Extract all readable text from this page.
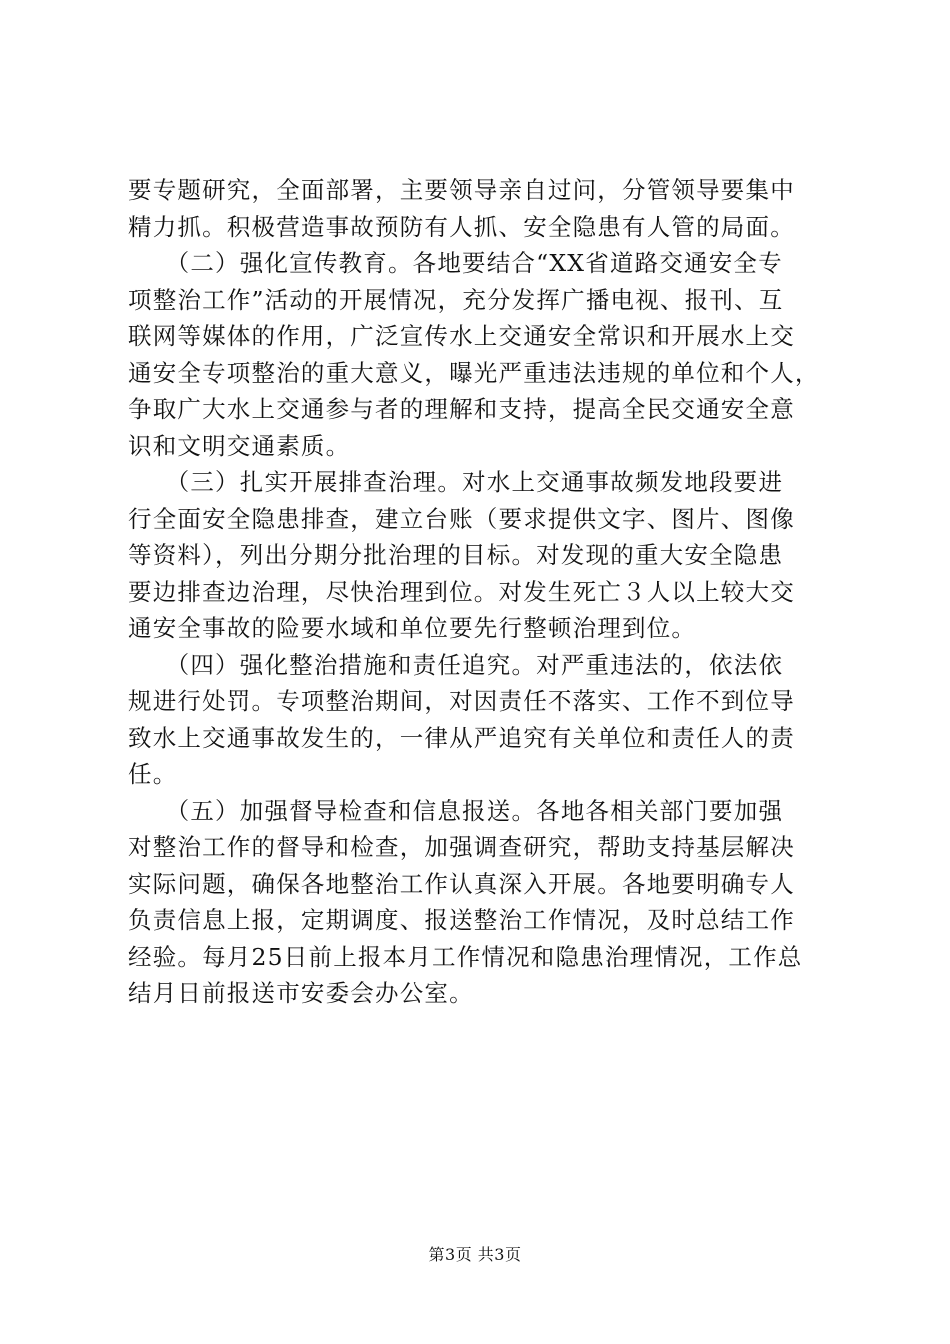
要专题研究，全面部署，主要领导亲自过问，分管领导要集中
精力抓。积极营造事故预防有人抓、安全隐患有人管的局面。
　　（二）强化宣传教育。各地要结合“XX省道路交通安全专
项整治工作”活动的开展情况，充分发挥广播电视、报刊、互
联网等媒体的作用，广泛宣传水上交通安全常识和开展水上交
通安全专项整治的重大意义，曝光严重违法违规的单位和个人，
争取广大水上交通参与者的理解和支持，提高全民交通安全意
识和文明交通素质。
　　（三）扎实开展排查治理。对水上交通事故频发地段要进
行全面安全隐患排查，建立台账（要求提供文字、图片、图像
等资料），列出分期分批治理的目标。对发现的重大安全隐患
要边排查边治理，尽快治理到位。对发生死亡３人以上较大交
通安全事故的险要水域和单位要先行整顿治理到位。
　　（四）强化整治措施和责任追究。对严重违法的，依法依
规进行处罚。专项整治期间，对因责任不落实、工作不到位导
致水上交通事故发生的，一律从严追究有关单位和责任人的责
任。
　　（五）加强督导检查和信息报送。各地各相关部门要加强
对整治工作的督导和检查，加强调查研究，帮助支持基层解决
实际问题，确保各地整治工作认真深入开展。各地要明确专人
负责信息上报，定期调度、报送整治工作情况，及时总结工作
经验。每月25日前上报本月工作情况和隐患治理情况，工作总
结月日前报送市安委会办公室。
第3页 共3页
